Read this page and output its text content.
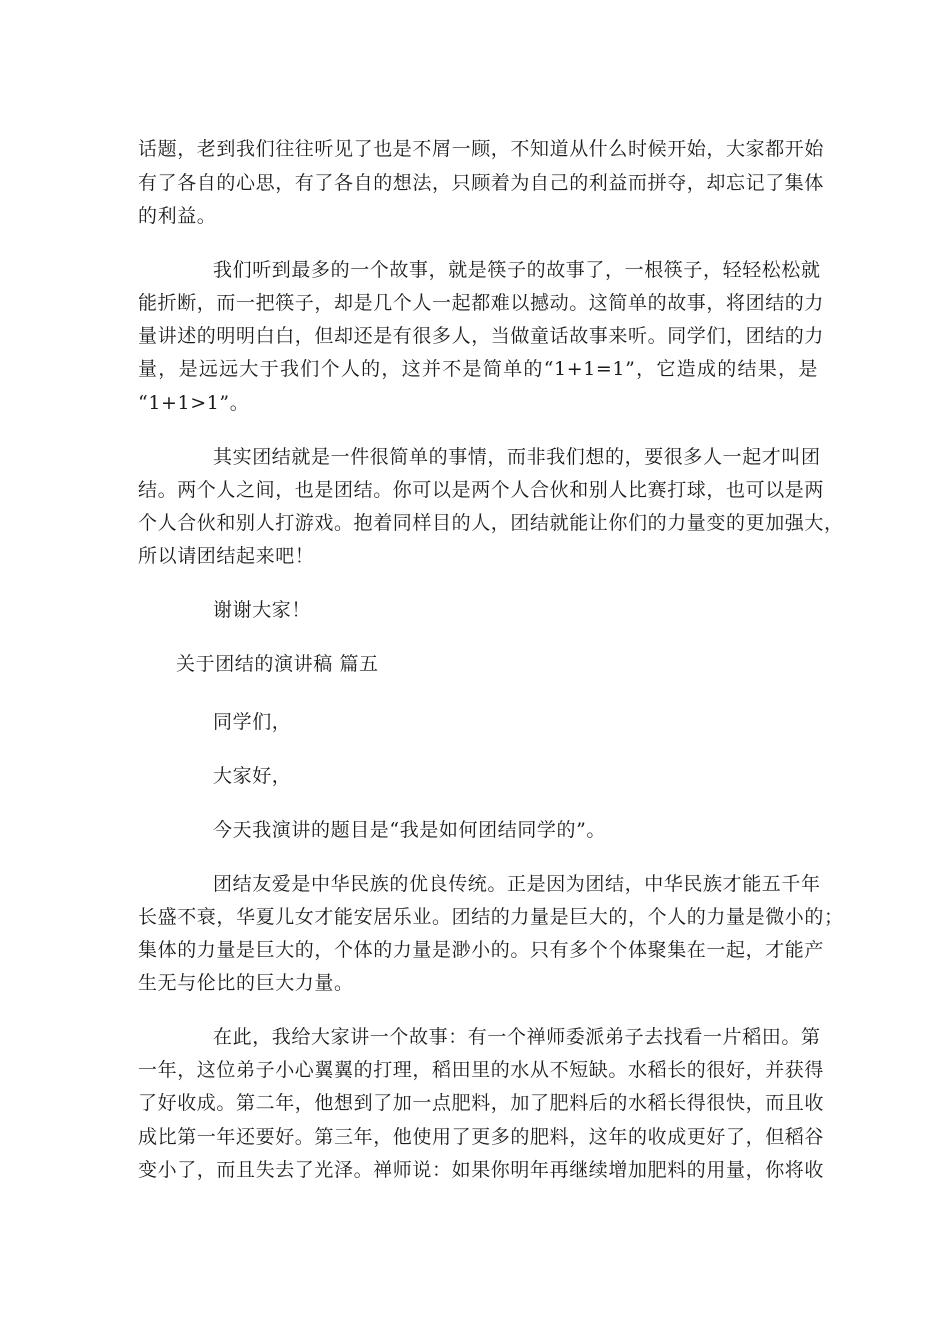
话题，老到我们往往听见了也是不屑一顾，不知道从什么时候开始，大家都开始
有了各自的心思，有了各自的想法，只顾着为自己的利益而拼夺，却忘记了集体
的利益。
我们听到最多的一个故事，就是筷子的故事了，一根筷子，轻轻松松就
能折断，而一把筷子，却是几个人一起都难以撼动。这简单的故事，将团结的力
量讲述的明明白白，但却还是有很多人，当做童话故事来听。同学们，团结的力
量，是远远大于我们个人的，这并不是简单的“1+1=1”，它造成的结果，是
“1+1>1”。
其实团结就是一件很简单的事情，而非我们想的，要很多人一起才叫团
结。两个人之间，也是团结。你可以是两个人合伙和别人比赛打球，也可以是两
个人合伙和别人打游戏。抱着同样目的人，团结就能让你们的力量变的更加强大，
所以请团结起来吧！
谢谢大家！
关于团结的演讲稿 篇五
同学们，
大家好，
今天我演讲的题目是“我是如何团结同学的”。
团结友爱是中华民族的优良传统。正是因为团结，中华民族才能五千年
长盛不衰，华夏儿女才能安居乐业。团结的力量是巨大的，个人的力量是微小的；
集体的力量是巨大的，个体的力量是渺小的。只有多个个体聚集在一起，才能产
生无与伦比的巨大力量。
在此，我给大家讲一个故事：有一个禅师委派弟子去找看一片稻田。第
一年，这位弟子小心翼翼的打理，稻田里的水从不短缺。水稻长的很好，并获得
了好收成。第二年，他想到了加一点肥料，加了肥料后的水稻长得很快，而且收
成比第一年还要好。第三年，他使用了更多的肥料，这年的收成更好了，但稻谷
变小了，而且失去了光泽。禅师说：如果你明年再继续增加肥料的用量，你将收
